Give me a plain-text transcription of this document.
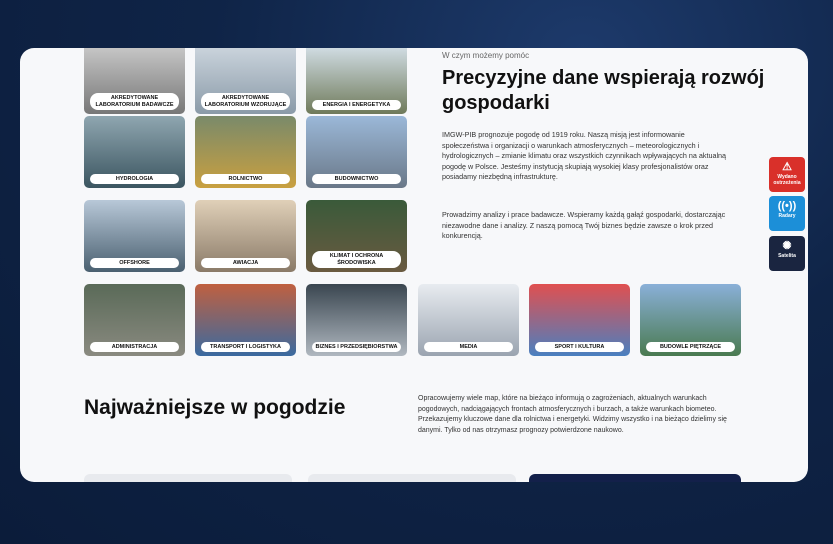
AKREDYTOWANE LABORATORIUM BADAWCZE
AKREDYTOWANE LABORATORIUM WZORUJĄCE	ENERGIA I ENERGETYKA
HYDROLOGIA	ROLNICTWO	BUDOWNICTWO
OFFSHORE	AWIACJA
KLIMAT I OCHRONA ŚRODOWISKA
ADMINISTRACJA	TRANSPORT I LOGISTYKA	BIZNES I PRZEDSIĘBIORSTWA	MEDIA	SPORT I KULTURA	BUDOWLE PIĘTRZĄCE
W czym możemy pomóc
Precyzyjne dane wspierają rozwój gospodarki
IMGW-PIB prognozuje pogodę od 1919 roku. Naszą misją jest informowanie społeczeństwa i organizacji o warunkach atmosferycznych – meteorologicznych i hydrologicznych – zmianie klimatu oraz wszystkich czynnikach wpływających na aktualną pogodę w Polsce. Jesteśmy instytucją skupiają wysokiej klasy profesjonalistów oraz posiadamy niezbędną infrastrukturę.
Prowadzimy analizy i prace badawcze. Wspieramy każdą gałąź gospodarki, dostarczając niezawodne dane i analizy. Z naszą pomocą Twój biznes będzie zawsze o krok przed konkurencją.
Najważniejsze w pogodzie	Opracowujemy wiele map, które na bieżąco informują o zagrożeniach, aktualnych warunkach pogodowych, nadciągających frontach atmosferycznych i burzach, a także warunkach biometeo. Przekazujemy kluczowe dane dla rolnictwa i energetyki. Widzimy wszystko i na bieżąco dzielimy się danymi. Tylko od nas otrzymasz prognozy potwierdzone naukowo.
⚠
Wydano ostrzeżenia
((•))
Radary
✺
Satelita
